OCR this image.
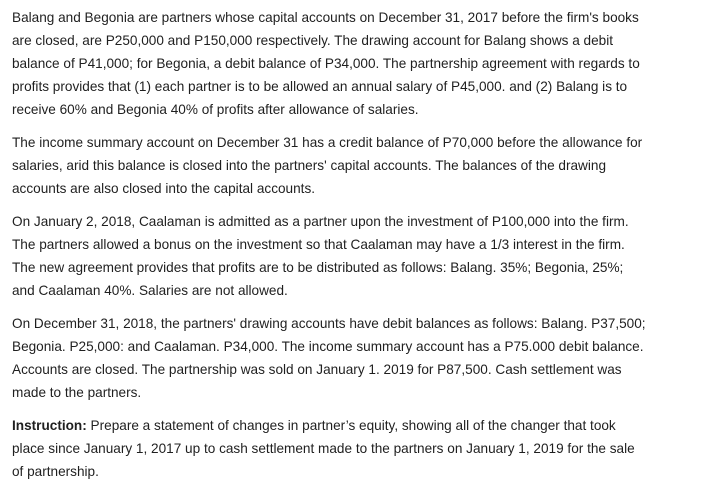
Balang and Begonia are partners whose capital accounts on December 31, 2017 before the firm's books
are closed, are P250,000 and P150,000 respectively. The drawing account for Balang shows a debit
balance of P41,000; for Begonia, a debit balance of P34,000. The partnership agreement with regards to
profits provides that (1) each partner is to be allowed an annual salary of P45,000. and (2) Balang is to
receive 60% and Begonia 40% of profits after allowance of salaries.

The income summary account on December 31 has a credit balance of P70,000 before the allowance for
salaries, arid this balance is closed into the partners' capital accounts. The balances of the drawing
accounts are also closed into the capital accounts.

On January 2, 2018, Caalaman is admitted as a partner upon the investment of P100,000 into the firm.
The partners allowed a bonus on the investment so that Caalaman may have a 1/3 interest in the firm.
The new agreement provides that profits are to be distributed as follows: Balang. 35%; Begonia, 25%;
and Caalaman 40%. Salaries are not allowed.

On December 31, 2018, the partners' drawing accounts have debit balances as follows: Balang. P37,500;
Begonia. P25,000: and Caalaman. P34,000. The income summary account has a P75.000 debit balance.
Accounts are closed. The partnership was sold on January 1. 2019 for P87,500. Cash settlement was
made to the partners.

Instruction: Prepare a statement of changes in partner’s equity, showing all of the changer that took
place since January 1, 2017 up to cash settlement made to the partners on January 1, 2019 for the sale
of partnership.
